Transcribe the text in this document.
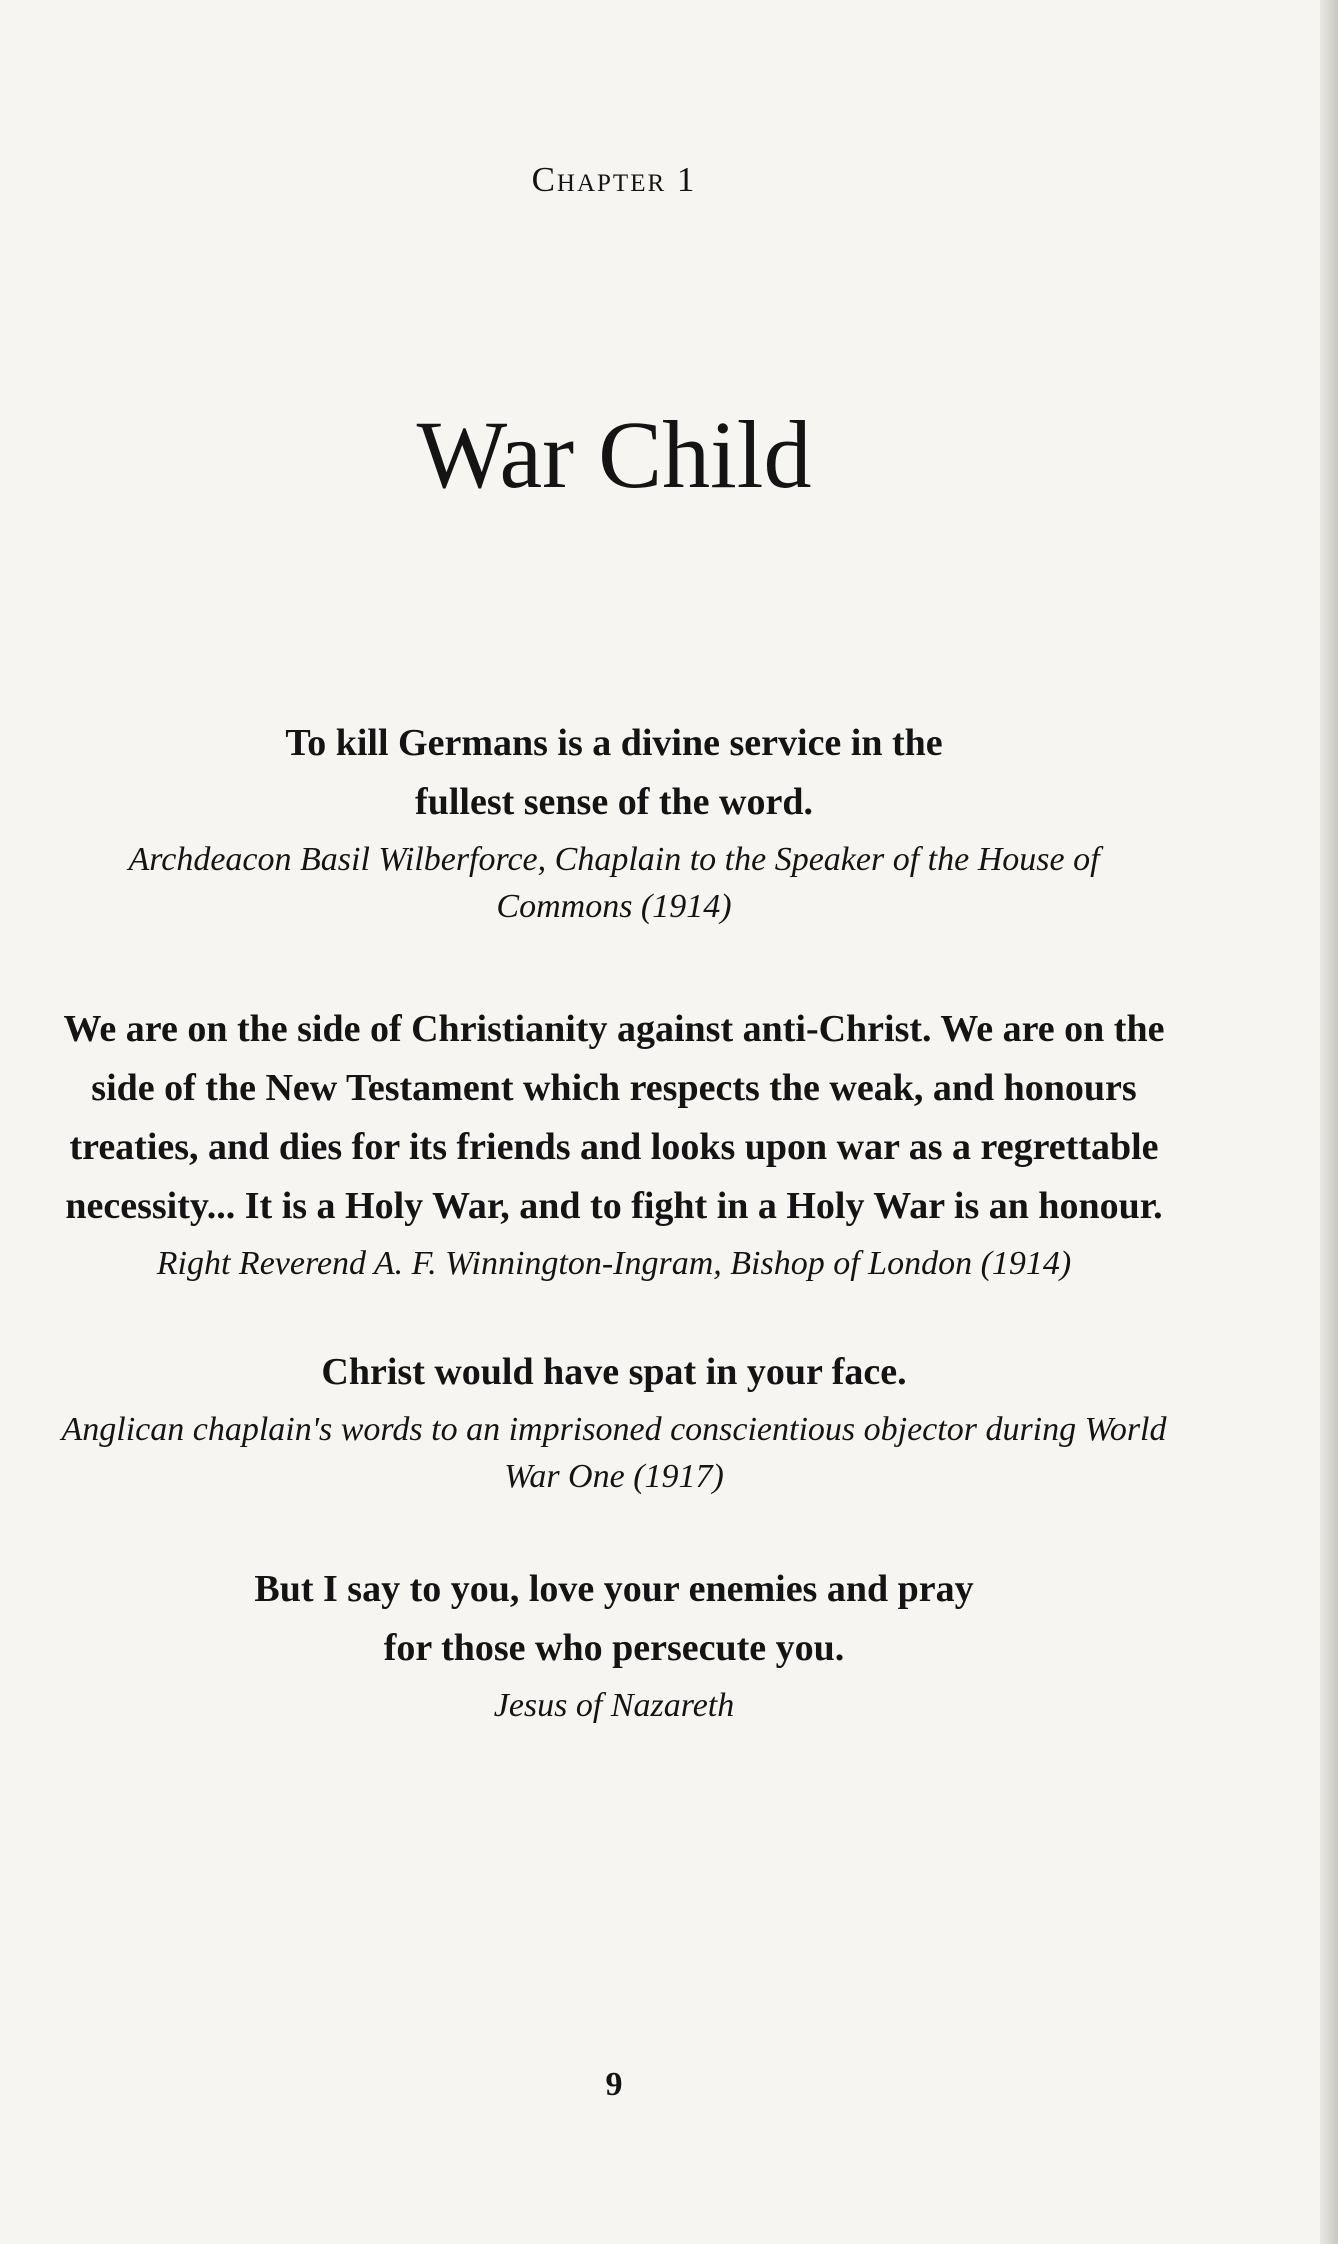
Chapter 1
War Child

To kill Germans is a divine service in the fullest sense of the word.

Archdeacon Basil Wilberforce, Chaplain to the Speaker of the House of Commons (1914)

We are on the side of Christianity against anti-Christ. We are on the side of the New Testament which respects the weak, and honours treaties, and dies for its friends and looks upon war as a regrettable necessity... It is a Holy War, and to fight in a Holy War is an honour.

Right Reverend A. F. Winnington-Ingram, Bishop of London (1914)

Christ would have spat in your face.

Anglican chaplain's words to an imprisoned conscientious objector during World War One (1917)

But I say to you, love your enemies and pray for those who persecute you.

Jesus of Nazareth

9
